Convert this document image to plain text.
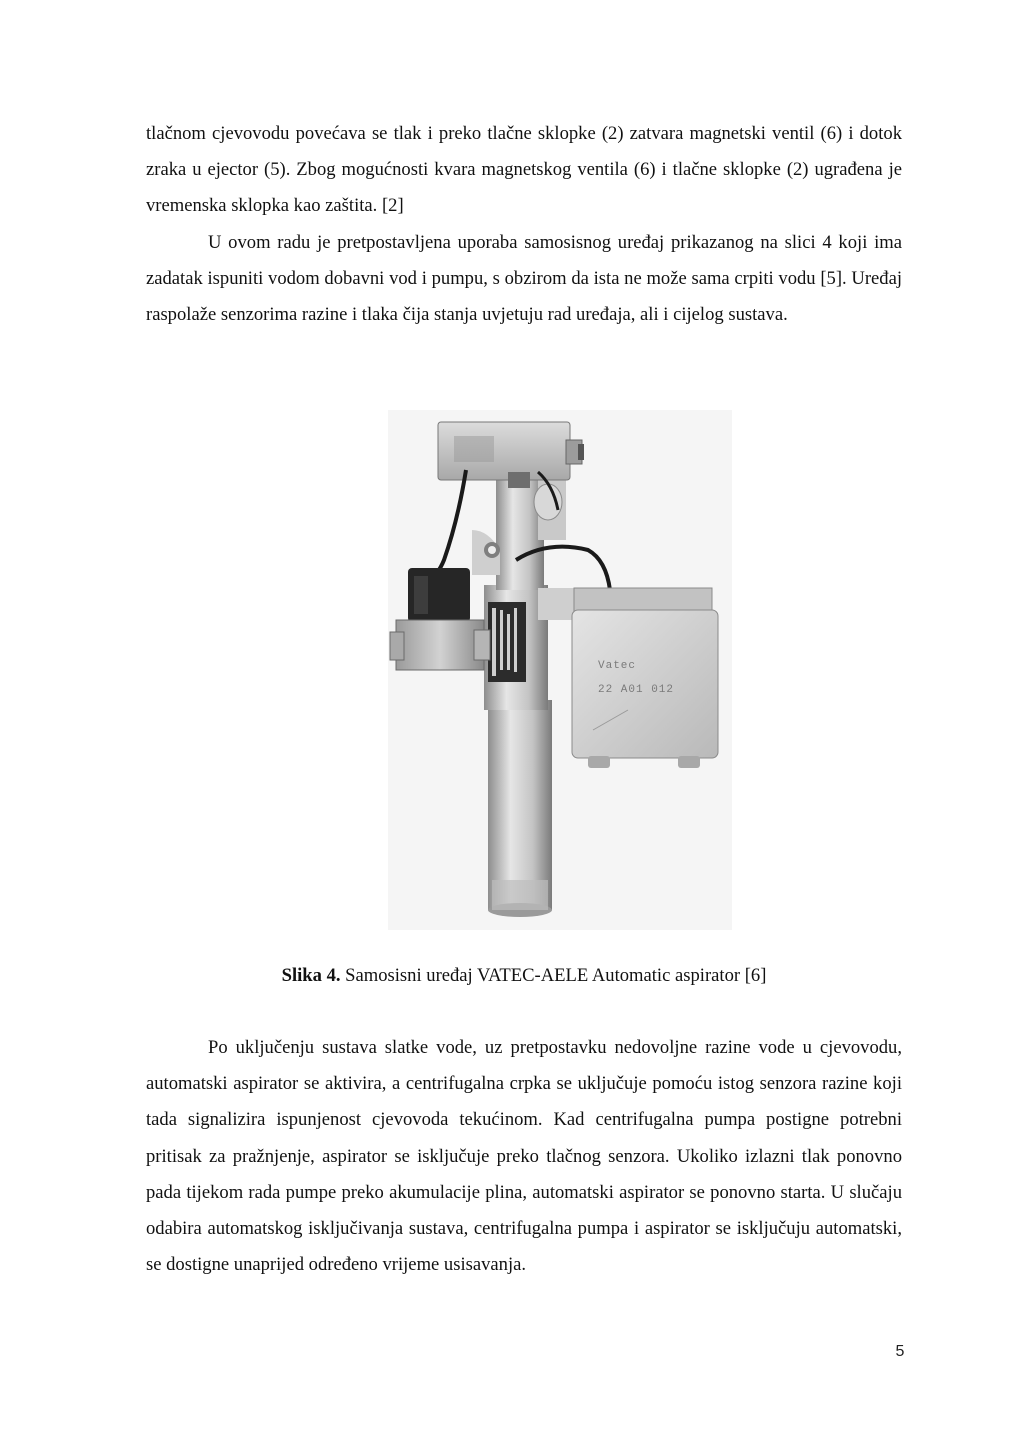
tlačnom cjevovodu povećava se tlak i preko tlačne sklopke (2) zatvara magnetski ventil (6) i dotok zraka u ejector (5). Zbog mogućnosti kvara magnetskog ventila (6) i tlačne sklopke (2) ugrađena je vremenska sklopka kao zaštita. [2]

U ovom radu je pretpostavljena uporaba samosisnog uređaj prikazanog na slici 4 koji ima zadatak ispuniti vodom dobavni vod i pumpu, s obzirom da ista ne može sama crpiti vodu [5]. Uređaj raspolaže senzorima razine i tlaka čija stanja uvjetuju rad uređaja, ali i cijelog sustava.

Vatec
22 A01 012
Slika 4. Samosisni uređaj VATEC-AELE Automatic aspirator [6]

Po uključenju sustava slatke vode, uz pretpostavku nedovoljne razine vode u cjevovodu, automatski aspirator se aktivira, a centrifugalna crpka se uključuje pomoću istog senzora razine koji tada signalizira ispunjenost cjevovoda tekućinom. Kad centrifugalna pumpa postigne potrebni pritisak za pražnjenje, aspirator se isključuje preko tlačnog senzora. Ukoliko izlazni tlak ponovno pada tijekom rada pumpe preko akumulacije plina, automatski aspirator se ponovno starta. U slučaju odabira automatskog isključivanja sustava, centrifugalna pumpa i aspirator se isključuju automatski, se dostigne unaprijed određeno vrijeme usisavanja.

5
